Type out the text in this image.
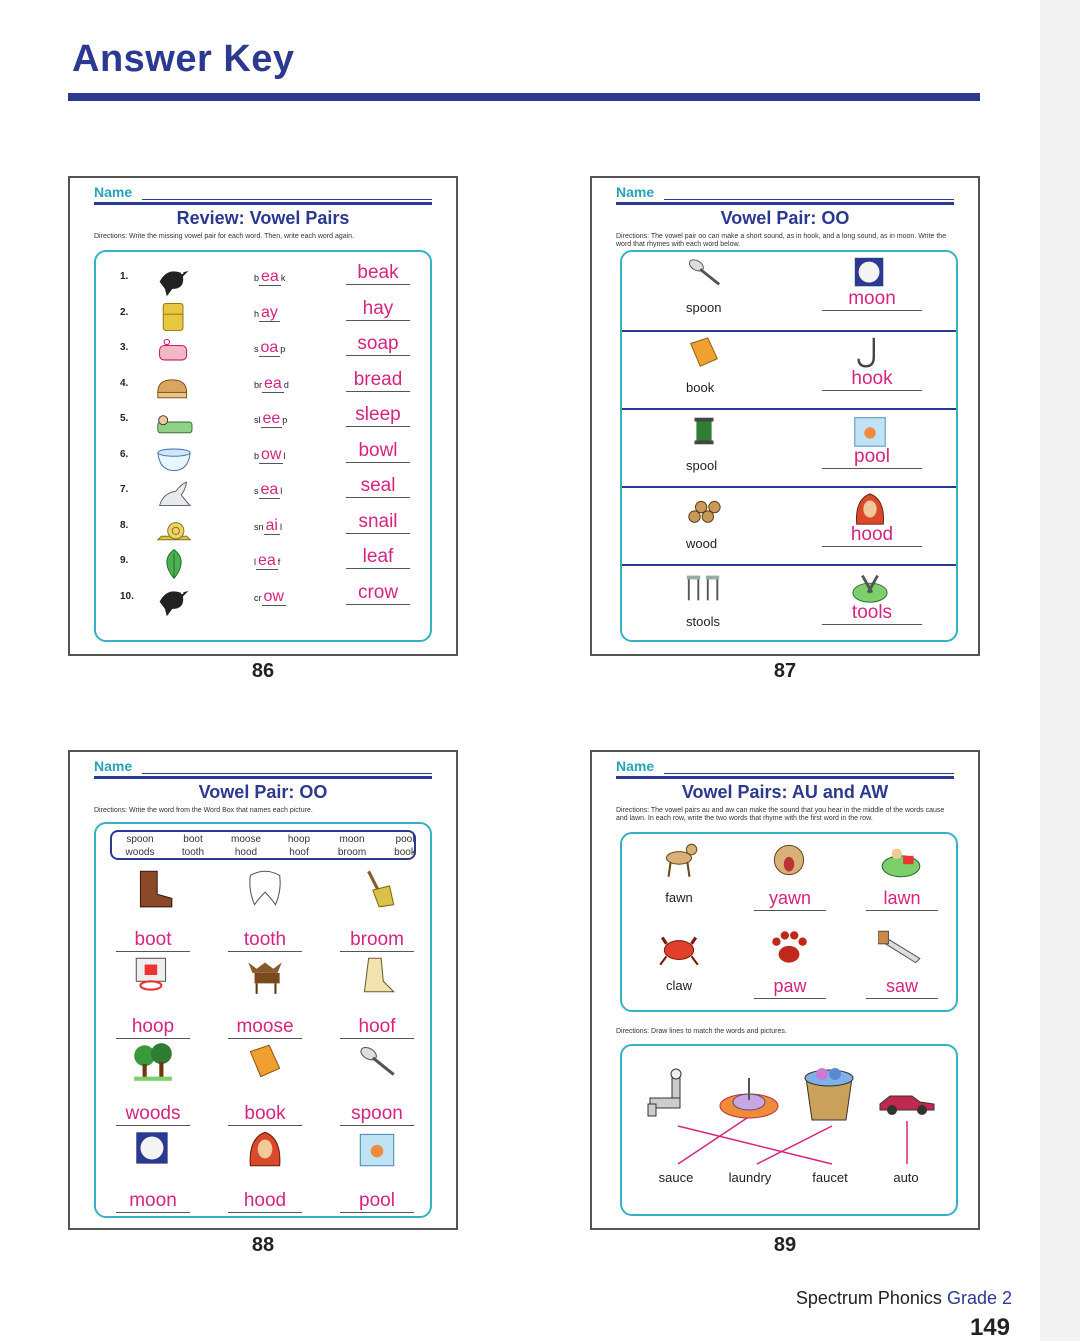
Answer Key
Name
Review: Vowel Pairs
Directions: Write the missing vowel pair for each word. Then, write each word again.
1.	b ea k	beak
2.	h ay	hay
3.	s oa p	soap
4.	br ea d	bread
5.	sl ee p	sleep
6.	b ow l	bowl
7.	s ea l	seal
8.	sn ai l	snail
9.	l ea f	leaf
10.	cr ow	crow
86
Name
Vowel Pair: OO
Directions: The vowel pair oo can make a short sound, as in hook, and a long sound, as in moon. Write the word that rhymes with each word below.
spoon	moon
book	hook
spool	pool
wood	hood
stools	tools
87
Name
Vowel Pair: OO
Directions: Write the word from the Word Box that names each picture.
spoon
woods
boot
tooth
moose
hood
hoop
hoof
moon
broom
pool
book
boot	tooth	broom
hoop	moose	hoof
woods	book	spoon
moon	hood	pool
88
Name
Vowel Pairs: AU and AW
Directions: The vowel pairs au and aw can make the sound that you hear in the middle of the words cause and lawn. In each row, write the two words that rhyme with the first word in the row.
fawn	yawn	lawn
claw	paw	saw
Directions: Draw lines to match the words and pictures.
sauce	laundry	faucet	auto
89
Spectrum Phonics Grade 2
149
